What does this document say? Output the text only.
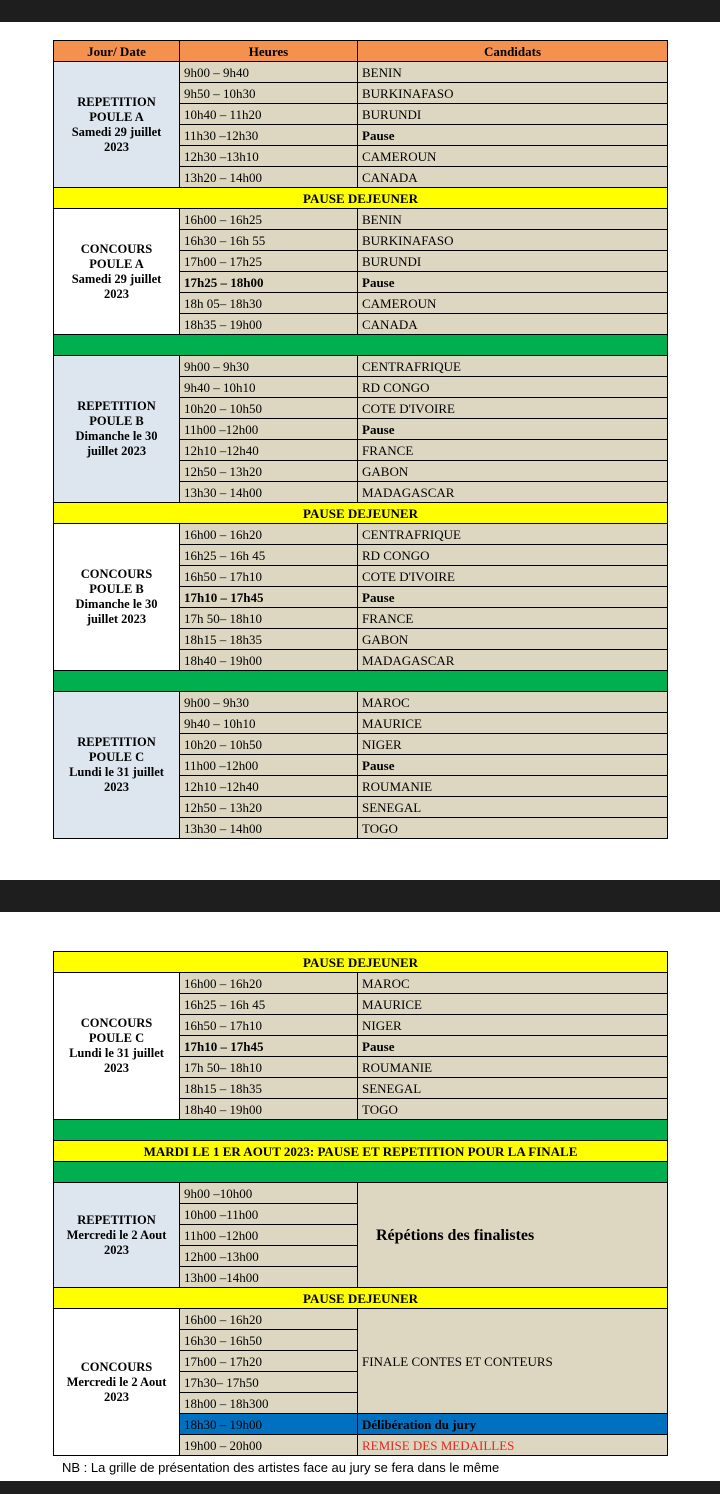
Jour/ Date	Heures	Candidats

REPETITION
POULE A
Samedi 29 juillet
2023	9h00 – 9h40	BENIN
	9h50 – 10h30	BURKINAFASO
	10h40 – 11h20	BURUNDI
	11h30 –12h30	Pause
	12h30 –13h10	CAMEROUN
	13h20 – 14h00	CANADA
PAUSE DEJEUNER		

CONCOURS
POULE A
Samedi 29 juillet
2023	16h00 – 16h25	BENIN
	16h30 – 16h 55	BURKINAFASO
	17h00 – 17h25	BURUNDI
	17h25 – 18h00	Pause
	18h 05– 18h30	CAMEROUN
	18h35 – 19h00	CANADA

REPETITION
POULE B
Dimanche le 30
juillet 2023	9h00 – 9h30	CENTRAFRIQUE
	9h40 – 10h10	RD CONGO
	10h20 – 10h50	COTE D'IVOIRE
	11h00 –12h00	Pause
	12h10 –12h40	FRANCE
	12h50 – 13h20	GABON
	13h30 – 14h00	MADAGASCAR
PAUSE DEJEUNER		

CONCOURS
POULE B
Dimanche le 30
juillet 2023	16h00 – 16h20	CENTRAFRIQUE
	16h25 – 16h 45	RD CONGO
	16h50 – 17h10	COTE D'IVOIRE
	17h10 – 17h45	Pause
	17h 50– 18h10	FRANCE
	18h15 – 18h35	GABON
	18h40 – 19h00	MADAGASCAR

REPETITION
POULE C
Lundi le 31 juillet
2023	9h00 – 9h30	MAROC
	9h40 – 10h10	MAURICE
	10h20 – 10h50	NIGER
	11h00 –12h00	Pause
	12h10 –12h40	ROUMANIE
	12h50 – 13h20	SENEGAL
	13h30 – 14h00	TOGO
PAUSE DEJEUNER		

CONCOURS
POULE C
Lundi le 31 juillet
2023	16h00 – 16h20	MAROC
	16h25 – 16h 45	MAURICE
	16h50 – 17h10	NIGER
	17h10 – 17h45	Pause
	17h 50– 18h10	ROUMANIE
	18h15 – 18h35	SENEGAL
	18h40 – 19h00	TOGO

MARDI LE 1 ER AOUT 2023: PAUSE ET REPETITION POUR LA FINALE		

REPETITION
Mercredi le 2 Aout
2023	9h00 –10h00	Répétions des finalistes
	10h00 –11h00	
	11h00 –12h00	
	12h00 –13h00	
	13h00 –14h00	
PAUSE DEJEUNER		

CONCOURS
Mercredi le 2 Aout
2023	16h00 – 16h20	FINALE CONTES ET CONTEURS
	16h30 – 16h50	
	17h00 – 17h20	
	17h30– 17h50	
	18h00 – 18h300	
	18h30 – 19h00	Délibération du jury
	19h00 – 20h00	REMISE DES MEDAILLES
NB : La grille de présentation des artistes face au jury se fera dans le même
